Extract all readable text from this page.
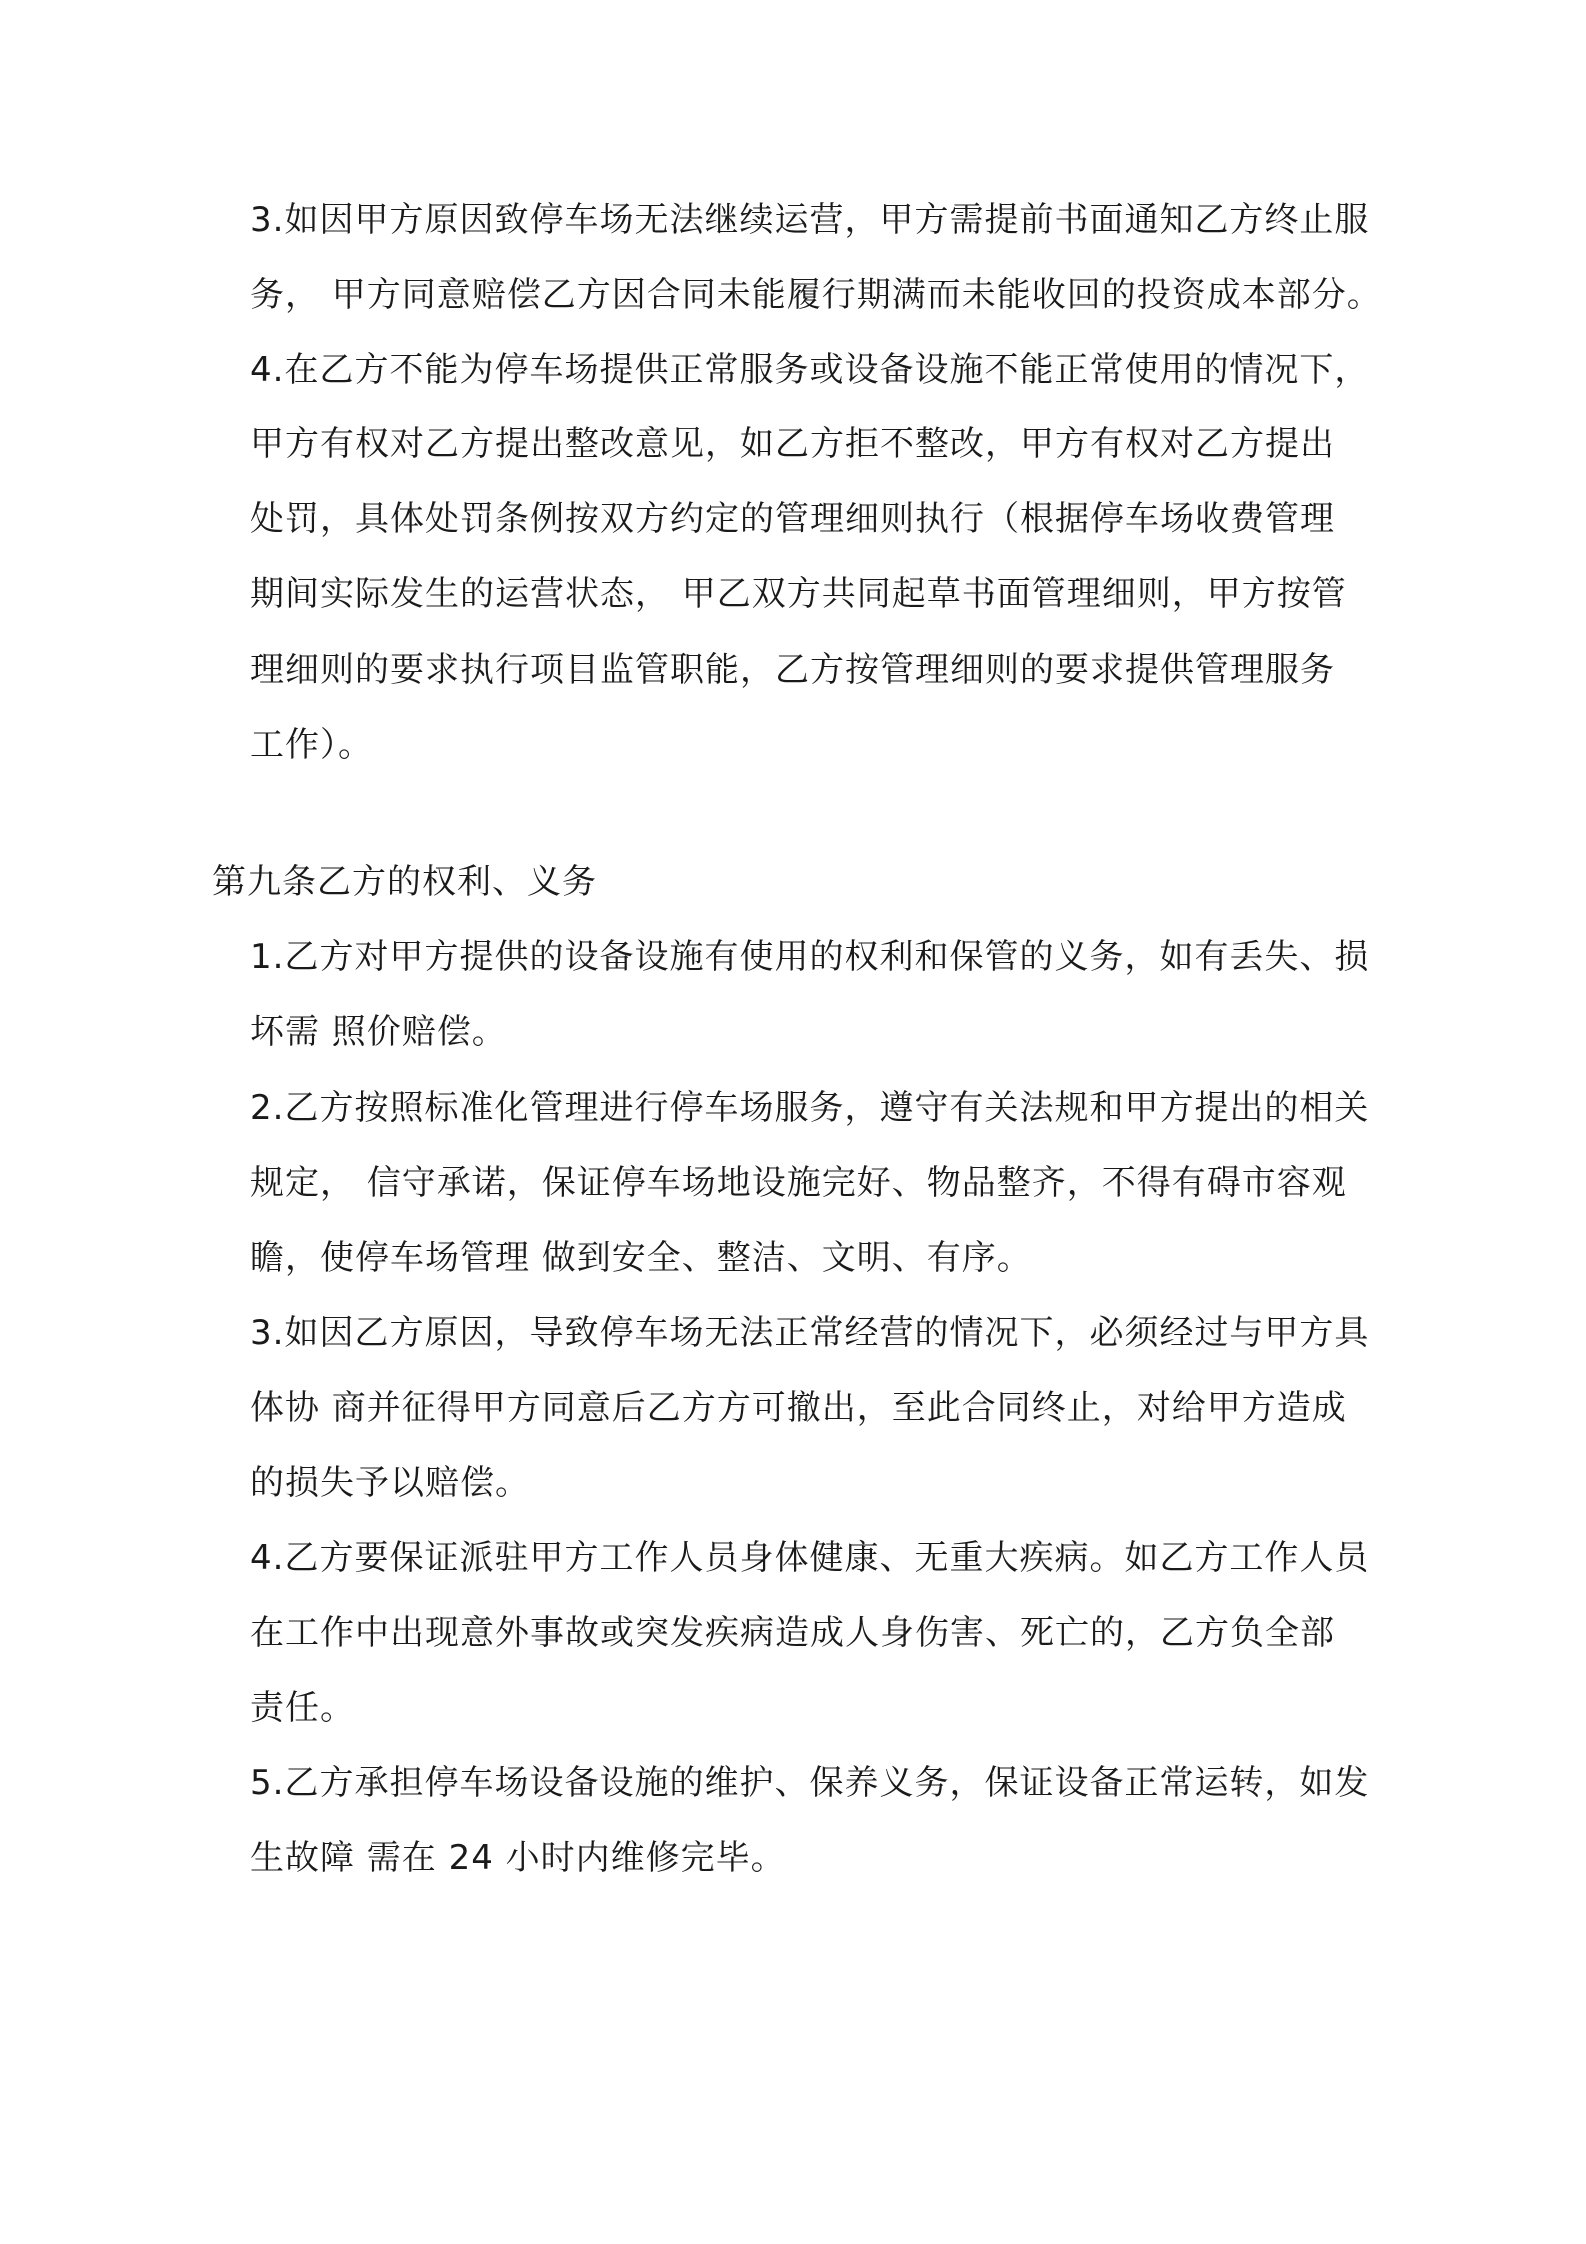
3.如因甲方原因致停车场无法继续运营，甲方需提前书面通知乙方终止服
务， 甲方同意赔偿乙方因合同未能履行期满而未能收回的投资成本部分。
4.在乙方不能为停车场提供正常服务或设备设施不能正常使用的情况下，
甲方有权对乙方提出整改意见，如乙方拒不整改，甲方有权对乙方提出
处罚，具体处罚条例按双方约定的管理细则执行（根据停车场收费管理
期间实际发生的运营状态， 甲乙双方共同起草书面管理细则，甲方按管
理细则的要求执行项目监管职能，乙方按管理细则的要求提供管理服务
工作）。
第九条乙方的权利、义务
1.乙方对甲方提供的设备设施有使用的权利和保管的义务，如有丢失、损
坏需 照价赔偿。
2.乙方按照标准化管理进行停车场服务，遵守有关法规和甲方提出的相关
规定， 信守承诺，保证停车场地设施完好、物品整齐，不得有碍市容观
瞻，使停车场管理 做到安全、整洁、文明、有序。
3.如因乙方原因，导致停车场无法正常经营的情况下，必须经过与甲方具
体协 商并征得甲方同意后乙方方可撤出，至此合同终止，对给甲方造成
的损失予以赔偿。
4.乙方要保证派驻甲方工作人员身体健康、无重大疾病。如乙方工作人员
在工作中出现意外事故或突发疾病造成人身伤害、死亡的，乙方负全部
责任。
5.乙方承担停车场设备设施的维护、保养义务，保证设备正常运转，如发
生故障 需在 24 小时内维修完毕。
